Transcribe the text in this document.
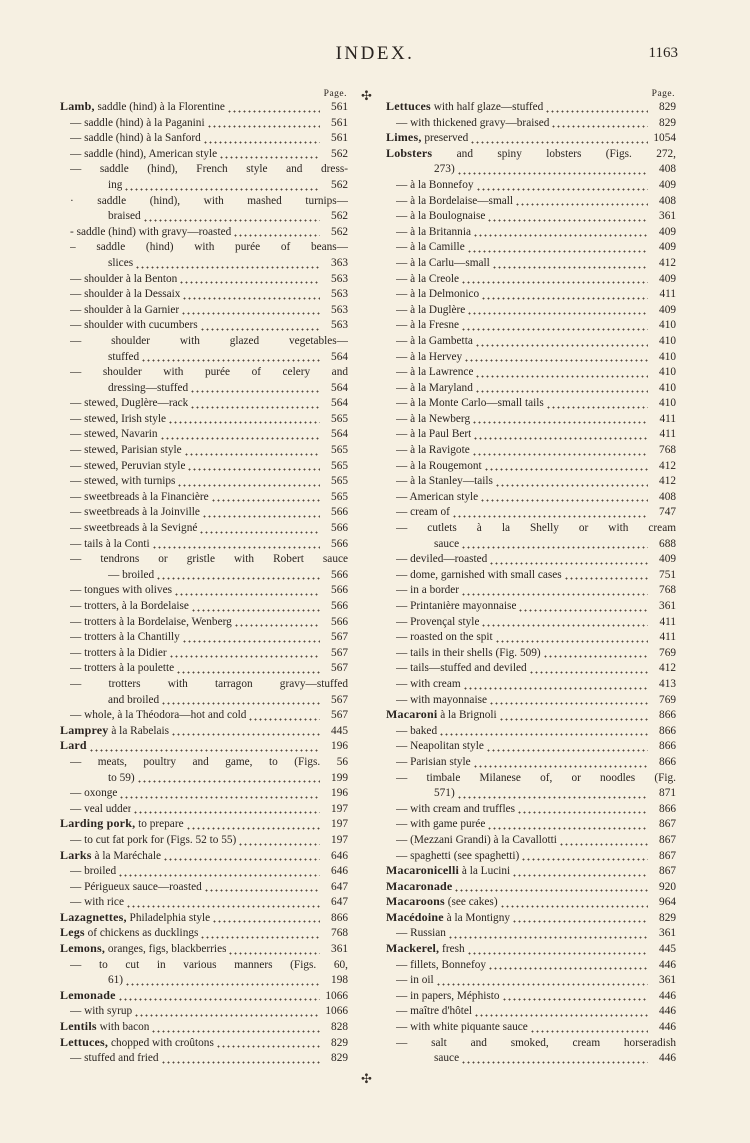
INDEX.	1163
✣
✣
Page.
Lamb, saddle (hind) à la Florentine	561
— saddle (hind) à la Paganini	561
— saddle (hind) à la Sanford	561
— saddle (hind), American style	562
— saddle (hind), French style and dress-
ing	562
· saddle (hind), with mashed turnips—
braised	562
- saddle (hind) with gravy—roasted	562
– saddle (hind) with purée of beans—
slices	363
— shoulder à la Benton	563
— shoulder à la Dessaix	563
— shoulder à la Garnier	563
— shoulder with cucumbers	563
— shoulder with glazed vegetables—
stuffed	564
— shoulder with purée of celery and
dressing—stuffed	564
— stewed, Duglère—rack	564
— stewed, Irish style	565
— stewed, Navarin	564
— stewed, Parisian style	565
— stewed, Peruvian style	565
— stewed, with turnips	565
— sweetbreads à la Financière	565
— sweetbreads à la Joinville	566
— sweetbreads à la Sevigné	566
— tails à la Conti	566
— tendrons or gristle with Robert sauce
— broiled	566
— tongues with olives	566
— trotters, à la Bordelaise	566
— trotters à la Bordelaise, Wenberg	566
— trotters à la Chantilly	567
— trotters à la Didier	567
— trotters à la poulette	567
— trotters with tarragon gravy—stuffed
and broiled	567
— whole, à la Théodora—hot and cold	567
Lamprey à la Rabelais	445
Lard	196
— meats, poultry and game, to (Figs. 56
to 59)	199
— oxonge	196
— veal udder	197
Larding pork, to prepare	197
— to cut fat pork for (Figs. 52 to 55)	197
Larks à la Maréchale	646
— broiled	646
— Périgueux sauce—roasted	647
— with rice	647
Lazagnettes, Philadelphia style	866
Legs of chickens as ducklings	768
Lemons, oranges, figs, blackberries	361
— to cut in various manners (Figs. 60,
61)	198
Lemonade	1066
— with syrup	1066
Lentils with bacon	828
Lettuces, chopped with croûtons	829
— stuffed and fried	829
Page.
Lettuces with half glaze—stuffed	829
— with thickened gravy—braised	829
Limes, preserved	1054
Lobsters and spiny lobsters (Figs. 272,
273)	408
— à la Bonnefoy	409
— à la Bordelaise—small	408
— à la Boulognaise	361
— à la Britannia	409
— à la Camille	409
— à la Carlu—small	412
— à la Creole	409
— à la Delmonico	411
— à la Duglère	409
— à la Fresne	410
— à la Gambetta	410
— à la Hervey	410
— à la Lawrence	410
— à la Maryland	410
— à la Monte Carlo—small tails	410
— à la Newberg	411
— à la Paul Bert	411
— à la Ravigote	768
— à la Rougemont	412
— à la Stanley—tails	412
— American style	408
— cream of	747
— cutlets à la Shelly or with cream
sauce	688
— deviled—roasted	409
— dome, garnished with small cases	751
— in a border	768
— Printanière mayonnaise	361
— Provençal style	411
— roasted on the spit	411
— tails in their shells (Fig. 509)	769
— tails—stuffed and deviled	412
— with cream	413
— with mayonnaise	769
Macaroni à la Brignoli	866
— baked	866
— Neapolitan style	866
— Parisian style	866
— timbale Milanese of, or noodles (Fig.
571)	871
— with cream and truffles	866
— with game purée	867
— (Mezzani Grandi) à la Cavallotti	867
— spaghetti (see spaghetti)	867
Macaronicelli à la Lucini	867
Macaronade	920
Macaroons (see cakes)	964
Macédoine à la Montigny	829
— Russian	361
Mackerel, fresh	445
— fillets, Bonnefoy	446
— in oil	361
— in papers, Méphisto	446
— maître d'hôtel	446
— with white piquante sauce	446
— salt and smoked, cream horseradish
sauce	446
